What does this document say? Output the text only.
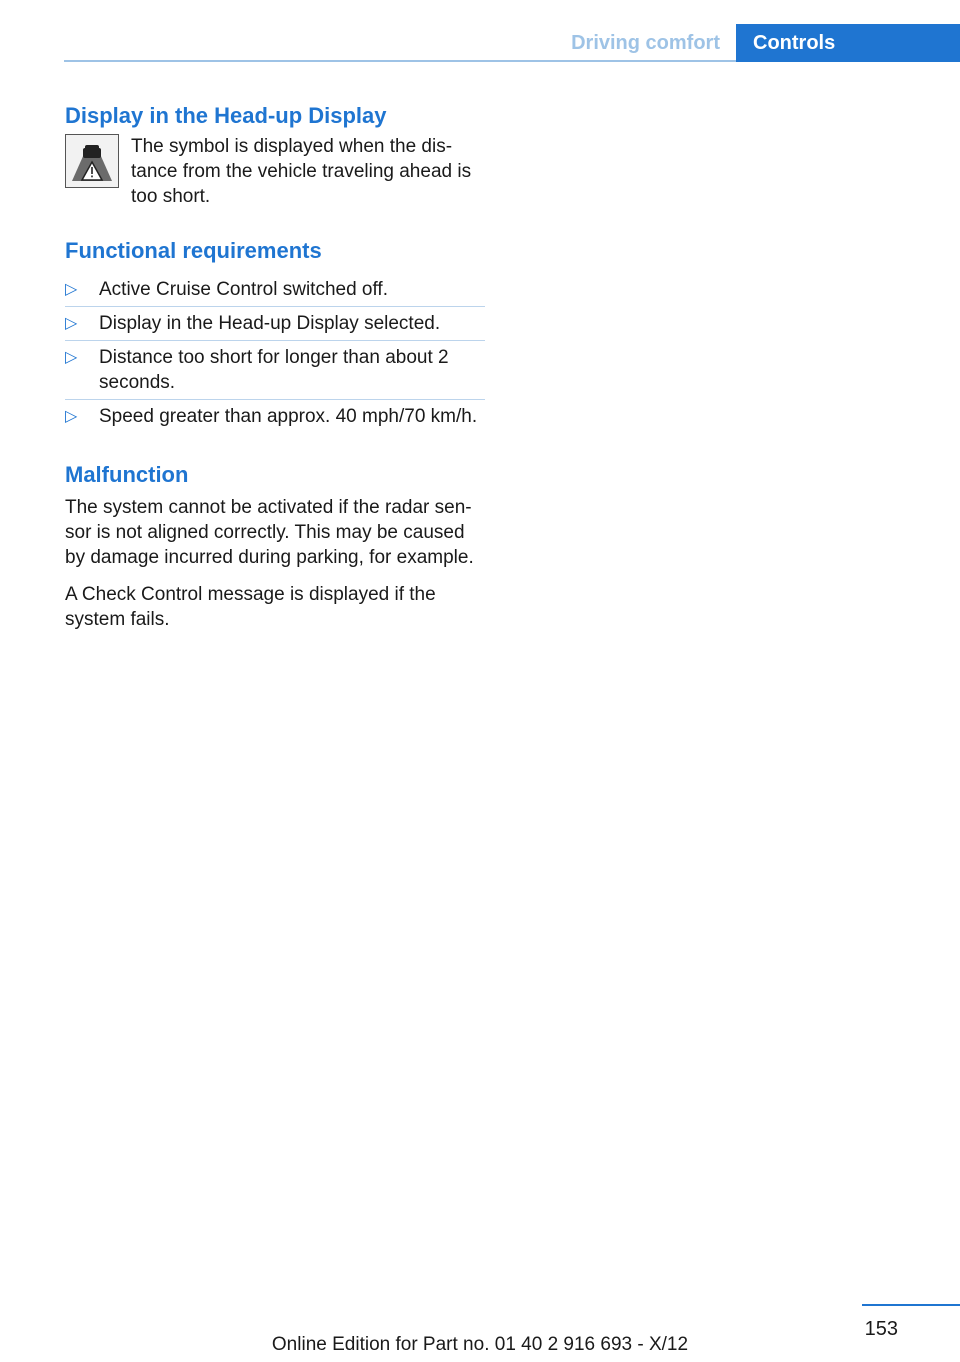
Driving comfort	Controls
Display in the Head-up Display

The symbol is displayed when the dis-tance from the vehicle traveling ahead is too short.

Functional requirements
▷	Active Cruise Control switched off.
▷	Display in the Head-up Display selected.
▷	Distance too short for longer than about 2 seconds.
▷	Speed greater than approx. 40 mph/70 km/h.
Malfunction

The system cannot be activated if the radar sen-sor is not aligned correctly. This may be caused by damage incurred during parking, for example.

A Check Control message is displayed if the system fails.

153
Online Edition for Part no. 01 40 2 916 693 - X/12
